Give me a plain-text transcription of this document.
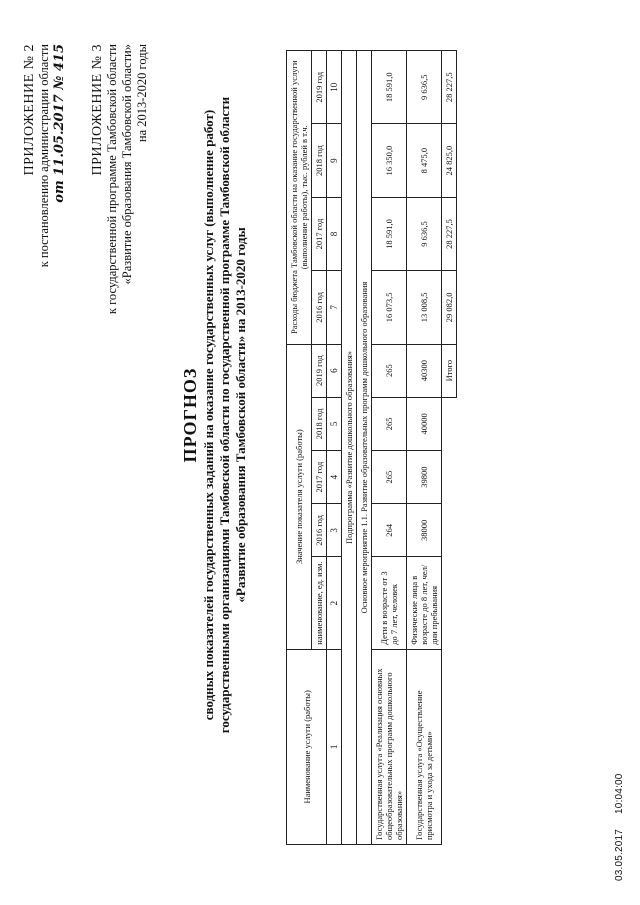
ПРИЛОЖЕНИЕ № 2 к постановлению администрации области от 11.05.2017 № 415 ПРИЛОЖЕНИЕ № 3 к государственной программе Тамбовской области «Развитие образования Тамбовской области» на 2013-2020 годы
ПРОГНОЗ сводных показателей государственных заданий на оказание государственных услуг (выполнение работ) государственными организациями Тамбовской области по государственной программе Тамбовской области «Развитие образования Тамбовской области» на 2013-2020 годы
Наименование услуги (работы)	Значение показателя услуги (работы)					Расходы бюджета Тамбовской области на оказание государственной услуги (выполнение работы), тыс. рублей в т.ч.			
	наименование, ед. изм.	2016 год	2017 год	2018 год	2019 год	2016 год	2017 год	2018 год	2019 год
1	2	3	4	5	6	7	8	9	10
Подпрограмма «Развитие дошкольного образования»									
Основное мероприятие 1.1. Развитие образовательных программ дошкольного образования									
Государственная услуга «Реализация основных общеобразовательных программ дошкольного образования»	Дети в возрасте от 3 до 7 лет, человек	264	265	265	265	16 073,5	18 591,0	16 350,0	18 591,0
Государственная услуга «Осуществление присмотра и ухода за детьми»	Физические лица в возрасте до 8 лет, чел/дни пребывания	38000	39800	40000	40300	13 008,5	9 636,5	8 475,0	9 636,5
					Итого	29 082,0	28 227,5	24 825,0	28 227,5
03.05.2017 10:04:00
